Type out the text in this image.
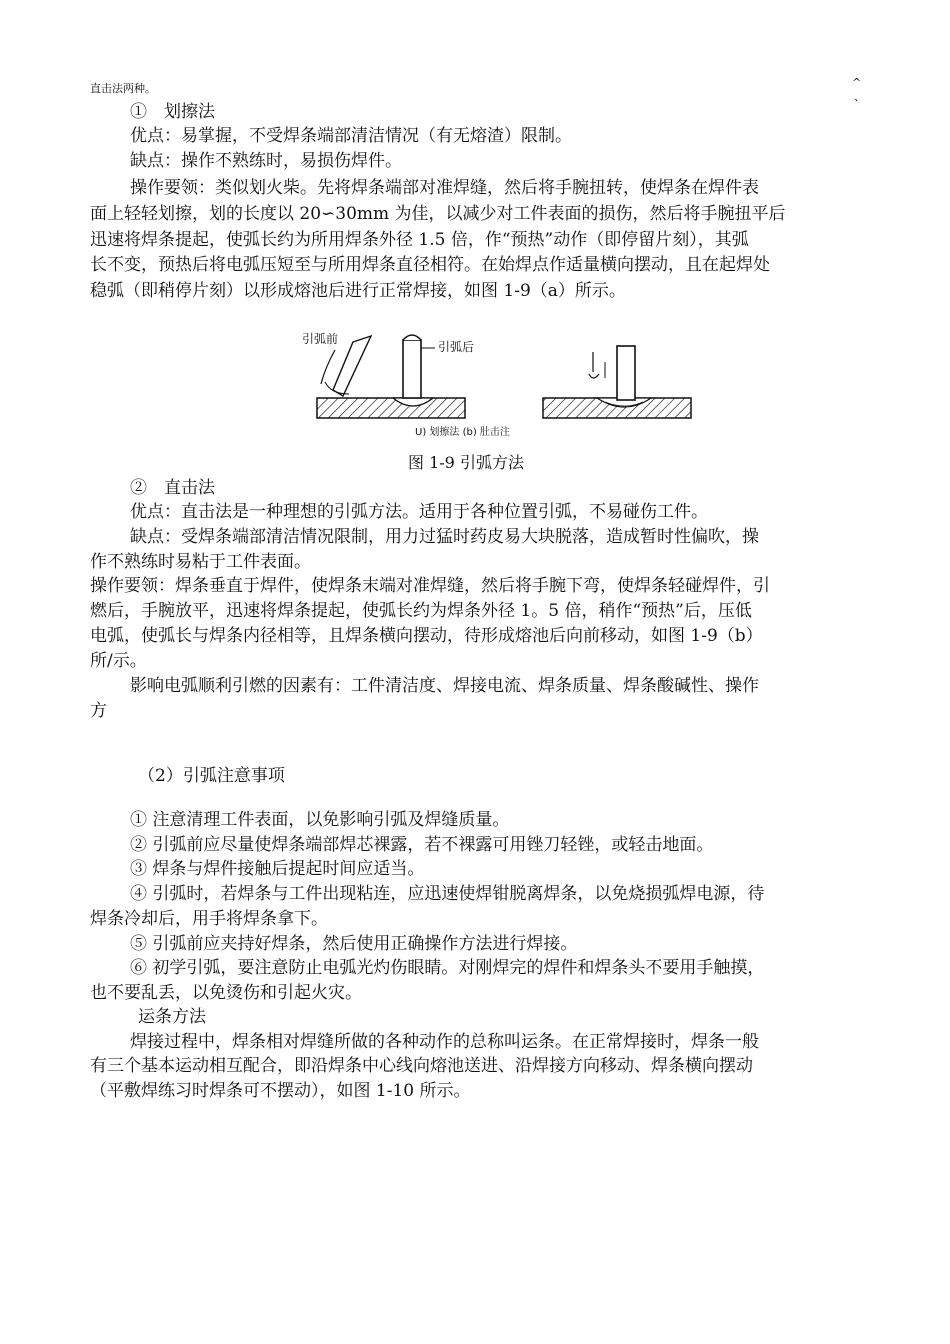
直击法两种。	^
、
①　划擦法
优点：易掌握，不受焊条端部清洁情况（有无熔渣）限制。
缺点：操作不熟练时，易损伤焊件。
操作要领：类似划火柴。先将焊条端部对准焊缝，然后将手腕扭转，使焊条在焊件表
面上轻轻划擦，划的长度以 20∽30mm 为佳，以减少对工件表面的损伤，然后将手腕扭平后
迅速将焊条提起，使弧长约为所用焊条外径 1.5 倍，作“预热”动作（即停留片刻），其弧
长不变，预热后将电弧压短至与所用焊条直径相符。在始焊点作适量横向摆动，且在起焊处
稳弧（即稍停片刻）以形成熔池后进行正常焊接，如图 1-9（a）所示。
引弧前
引弧后
U) 划擦法 (b) 肚击注
图 1-9 引弧方法
②　直击法
优点：直击法是一种理想的引弧方法。适用于各种位置引弧，不易碰伤工件。
缺点：受焊条端部清洁情况限制，用力过猛时药皮易大块脱落，造成暂时性偏吹，操
作不熟练时易粘于工件表面。
操作要领：焊条垂直于焊件，使焊条末端对准焊缝，然后将手腕下弯，使焊条轻碰焊件，引
燃后，手腕放平，迅速将焊条提起，使弧长约为焊条外径 1。5 倍，稍作“预热”后，压低
电弧，使弧长与焊条内径相等，且焊条横向摆动，待形成熔池后向前移动，如图 1-9（b）
所/示。
影响电弧顺利引燃的因素有：工件清洁度、焊接电流、焊条质量、焊条酸碱性、操作
方
（2）引弧注意事项
① 注意清理工件表面，以免影响引弧及焊缝质量。
② 引弧前应尽量使焊条端部焊芯裸露，若不裸露可用锉刀轻锉，或轻击地面。
③ 焊条与焊件接触后提起时间应适当。
④ 引弧时，若焊条与工件出现粘连，应迅速使焊钳脱离焊条，以免烧损弧焊电源，待
焊条冷却后，用手将焊条拿下。
⑤ 引弧前应夹持好焊条，然后使用正确操作方法进行焊接。
⑥ 初学引弧，要注意防止电弧光灼伤眼睛。对刚焊完的焊件和焊条头不要用手触摸，
也不要乱丢，以免烫伤和引起火灾。
运条方法
焊接过程中，焊条相对焊缝所做的各种动作的总称叫运条。在正常焊接时，焊条一般
有三个基本运动相互配合，即沿焊条中心线向熔池送进、沿焊接方向移动、焊条横向摆动
（平敷焊练习时焊条可不摆动），如图 1-10 所示。
